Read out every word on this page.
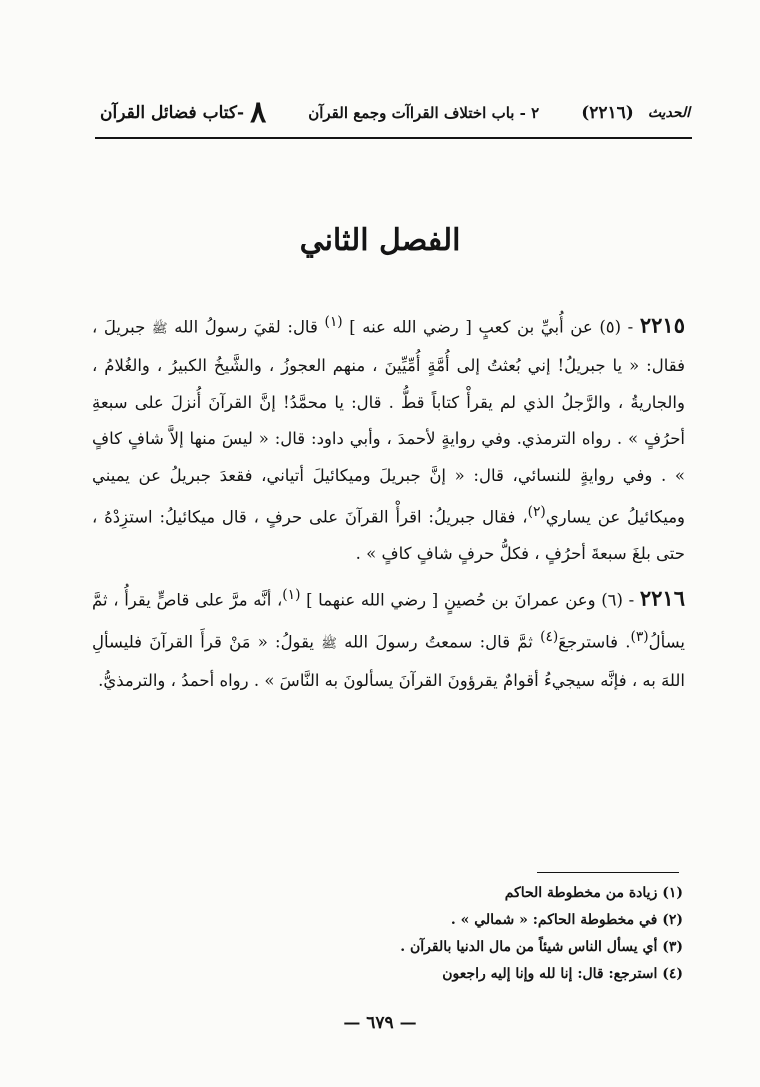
٨
-كتاب فضائل القرآن	٢ - باب اختلاف القراآت وجمع القرآن (٢٢١٦) الحديث
الفصل الثاني

٢٢١٥ - (٥) عن أُبيِّ بن كعبٍ [ رضي الله عنه ] $^{(١)}$ قال: لقيَ رسولُ الله ﷺ جبريلَ ، فقال: « يا جبريلُ! إني بُعثتُ إلى أُمَّةٍ أُمِّيِّينَ ، منهم العجوزُ ، والشَّيخُ الكبيرُ ، والغُلامُ ، والجاريةُ ، والرَّجلُ الذي لم يقرأْ كتاباً قطُّ . قال: يا محمَّدُ! إنَّ القرآنَ أُنزلَ على سبعةِ أحرُفٍ » . رواه الترمذي. وفي روايةٍ لأحمدَ ، وأبي داود: قال: « ليسَ منها إلاَّ شافٍ كافٍ » . وفي روايةٍ للنسائي، قال: « إنَّ جبريلَ وميكائيلَ أتياني، فقعدَ جبريلُ عن يميني وميكائيلُ عن يساري$^{(٢)}$، فقال جبريلُ: اقرأْ القرآنَ على حرفٍ ، قال ميكائيلُ: استزِدْهُ ، حتى بلغَ سبعةَ أحرُفٍ ، فكلُّ حرفٍ شافٍ كافٍ » .

٢٢١٦ - (٦) وعن عمرانَ بن حُصينٍ [ رضي الله عنهما ] $^{(١)}$، أنَّه مرَّ على قاصٍّ يقرأُ ، ثمَّ يسألُ$^{(٣)}$. فاسترجعَ$^{(٤)}$ ثمَّ قال: سمعتُ رسولَ الله ﷺ يقولُ: « مَنْ قرأَ القرآنَ فليسألِ اللهَ به ، فإنَّه سيجيءُ أقوامٌ يقرؤونَ القرآنَ يسألونَ به النَّاسَ » . رواه أحمدُ ، والترمذيُّ.

(١) زيادة من مخطوطة الحاكم
(٢) في مخطوطة الحاكم: « شمالي » .
(٣) أي يسأل الناس شيئاً من مال الدنيا بالقرآن .
(٤) استرجع: قال: إنا لله وإنا إليه راجعون
— ٦٧٩ —
